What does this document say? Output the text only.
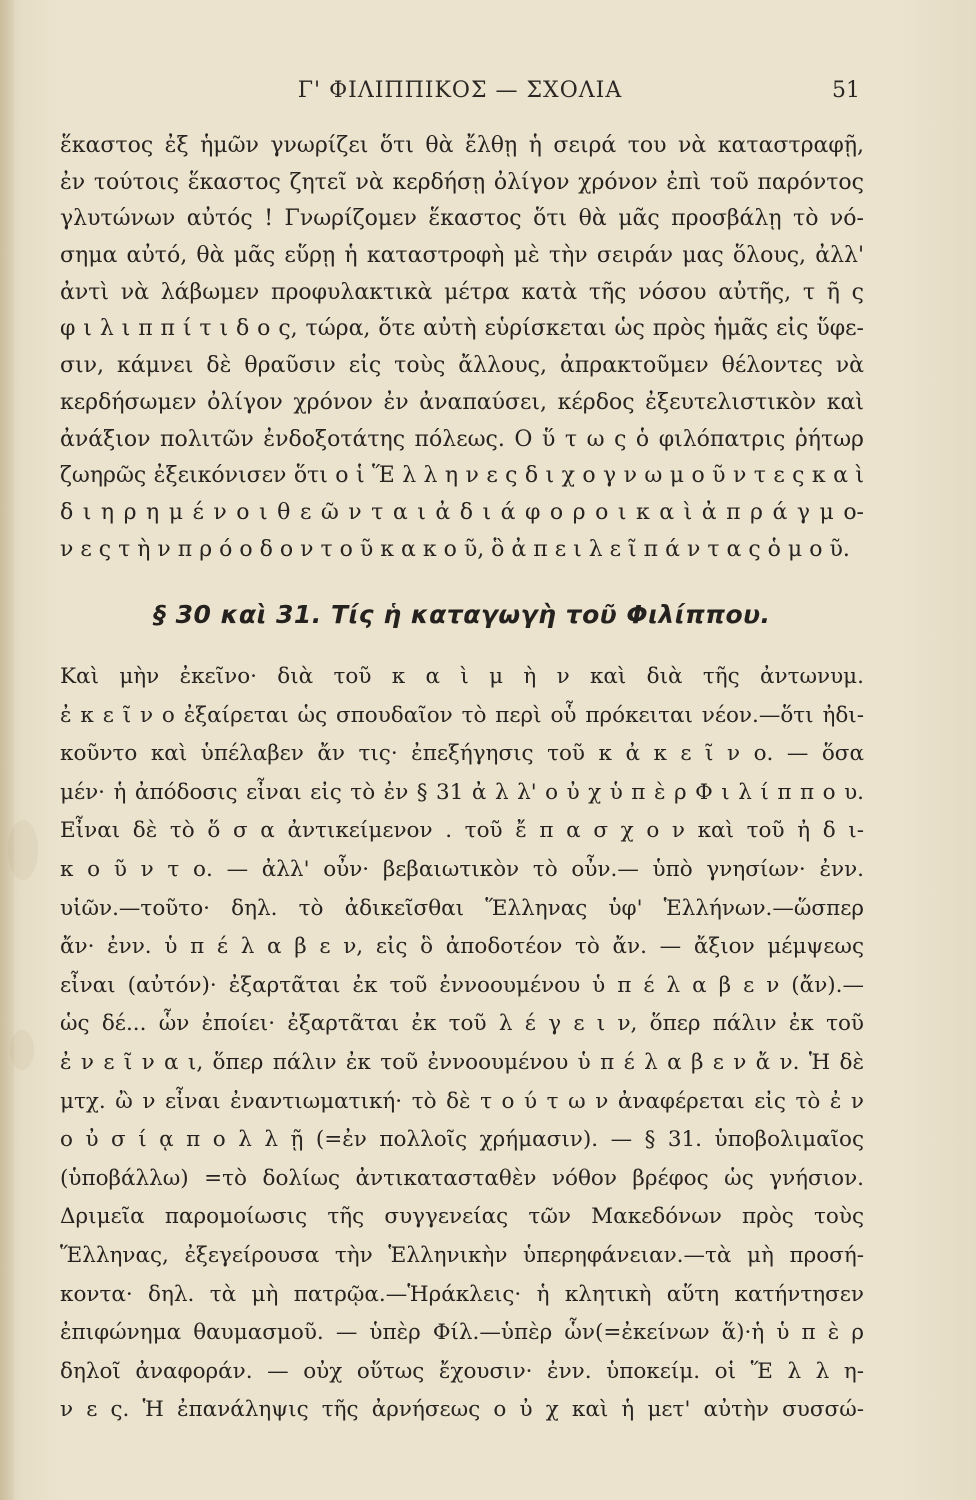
Γ' ΦΙΛΙΠΠΙΚΟΣ — ΣΧΟΛΙΑ	51
ἕκαστος ἐξ ἡμῶν γνωρίζει ὅτι θὰ ἔλθῃ ἡ σειρά του νὰ καταστραφῇ,
ἐν τούτοις ἕκαστος ζητεῖ νὰ κερδήσῃ ὀλίγον χρόνον ἐπὶ τοῦ παρόντος
γλυτώνων αὐτός ! Γνωρίζομεν ἕκαστος ὅτι θὰ μᾶς προσβάλῃ τὸ νό-
σημα αὐτό, θὰ μᾶς εὕρῃ ἡ καταστροφὴ μὲ τὴν σειράν μας ὅλους, ἀλλ'
ἀντὶ νὰ λάβωμεν προφυλακτικὰ μέτρα κατὰ τῆς νόσου αὐτῆς, τ ῆ ς
φ ι λ ι π π ί τ ι δ ο ς, τώρα, ὅτε αὐτὴ εὑρίσκεται ὡς πρὸς ἡμᾶς εἰς ὕφε-
σιν, κάμνει δὲ θραῦσιν εἰς τοὺς ἄλλους, ἀπρακτοῦμεν θέλοντες νὰ
κερδήσωμεν ὀλίγον χρόνον ἐν ἀναπαύσει, κέρδος ἐξευτελιστικὸν καὶ
ἀνάξιον πολιτῶν ἐνδοξοτάτης πόλεως. Ο ὕ τ ω ς ὁ φιλόπατρις ῥήτωρ
ζωηρῶς ἐξεικόνισεν ὅτι ο ἱ Ἕ λ λ η ν ε ς δ ι χ ο γ ν ω μ ο ῦ ν τ ε ς κ α ὶ
δ ι η ρ η μ έ ν ο ι θ ε ῶ ν τ α ι ἀ δ ι ά φ ο ρ ο ι κ α ὶ ἀ π ρ ά γ μ ο-
ν ε ς τ ὴ ν π ρ ό ο δ ο ν τ ο ῦ κ α κ ο ῦ, ὃ ἀ π ε ι λ ε ῖ π ά ν τ α ς ὁ μ ο ῦ.
§ 30 καὶ 31. Τίς ἡ καταγωγὴ τοῦ Φιλίππου.
Καὶ μὴν ἐκεῖνο· διὰ τοῦ κ α ὶ μ ὴ ν καὶ διὰ τῆς ἀντωνυμ.
ἐ κ ε ῖ ν ο ἐξαίρεται ὡς σπουδαῖον τὸ περὶ οὗ πρόκειται νέον.—ὅτι ἠδι-
κοῦντο καὶ ὑπέλαβεν ἄν τις· ἐπεξήγησις τοῦ κ ἀ κ ε ῖ ν ο. — ὅσα
μέν· ἡ ἀπόδοσις εἶναι εἰς τὸ ἐν § 31 ἀ λ λ' ο ὐ χ ὑ π ὲ ρ Φ ι λ ί π π ο υ.
Εἶναι δὲ τὸ ὅ σ α ἀντικείμενον . τοῦ ἔ π α σ χ ο ν καὶ τοῦ ἠ δ ι-
κ ο ῦ ν τ ο. — ἀλλ' οὖν· βεβαιωτικὸν τὸ οὖν.— ὑπὸ γνησίων· ἐνν.
υἱῶν.—τοῦτο· δηλ. τὸ ἀδικεῖσθαι Ἕλληνας ὑφ' Ἑλλήνων.—ὥσπερ
ἄν· ἐνν. ὑ π έ λ α β ε ν, εἰς ὃ ἀποδοτέον τὸ ἄν. — ἄξιον μέμψεως
εἶναι (αὐτόν)· ἐξαρτᾶται ἐκ τοῦ ἐννοουμένου ὑ π έ λ α β ε ν (ἄν).—
ὡς δέ... ὧν ἐποίει· ἐξαρτᾶται ἐκ τοῦ λ έ γ ε ι ν, ὅπερ πάλιν ἐκ τοῦ
ἐ ν ε ῖ ν α ι, ὅπερ πάλιν ἐκ τοῦ ἐννοουμένου ὑ π έ λ α β ε ν ἄ ν. Ἡ δὲ
μτχ. ὢ ν εἶναι ἐναντιωματική· τὸ δὲ τ ο ύ τ ω ν ἀναφέρεται εἰς τὸ ἐ ν
ο ὐ σ ί ᾳ π ο λ λ ῇ (=ἐν πολλοῖς χρήμασιν). — § 31. ὑποβολιμαῖος
(ὑποβάλλω) =τὸ δολίως ἀντικατασταθὲν νόθον βρέφος ὡς γνήσιον.
Δριμεῖα παρομοίωσις τῆς συγγενείας τῶν Μακεδόνων πρὸς τοὺς
Ἕλληνας, ἐξεγείρουσα τὴν Ἑλληνικὴν ὑπερηφάνειαν.—τὰ μὴ προσή-
κοντα· δηλ. τὰ μὴ πατρῷα.—Ἡράκλεις· ἡ κλητικὴ αὕτη κατήντησεν
ἐπιφώνημα θαυμασμοῦ. — ὑπὲρ Φίλ.—ὑπὲρ ὧν(=ἐκείνων ἅ)·ἡ ὑ π ὲ ρ
δηλοῖ ἀναφοράν. — οὐχ οὕτως ἔχουσιν· ἐνν. ὑποκείμ. οἱ Ἕ λ λ η-
ν ε ς. Ἡ ἐπανάληψις τῆς ἀρνήσεως ο ὐ χ καὶ ἡ μετ' αὐτὴν συσσώ-
